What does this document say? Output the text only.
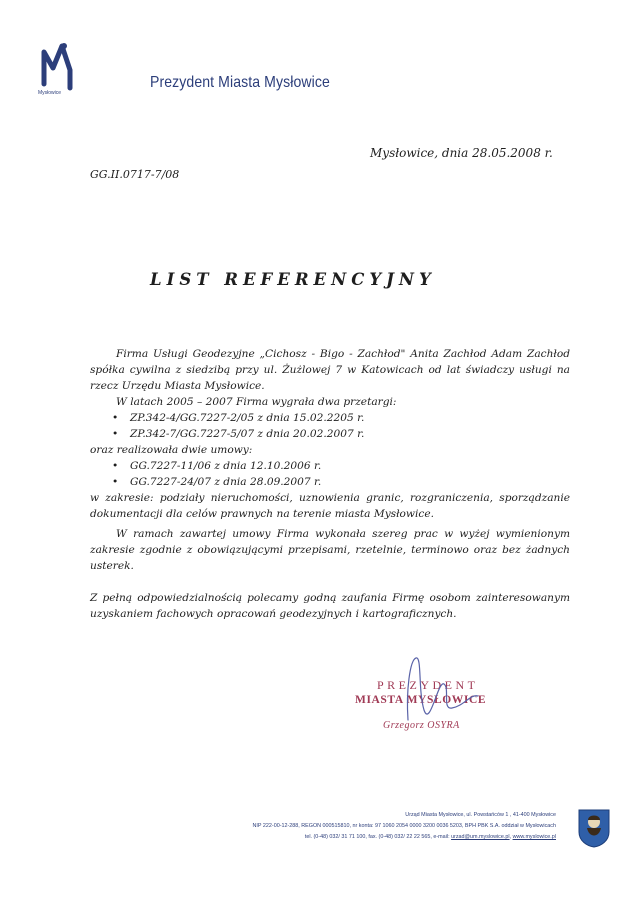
Mysłowice
Prezydent Miasta Mysłowice
Mysłowice, dnia 28.05.2008 r.
GG.II.0717-7/08
LIST REFERENCYJNY

Firma Usługi Geodezyjne „Cichosz - Bigo - Zachłod" Anita Zachłod Adam Zachłod spółka cywilna z siedzibą przy ul. Żużlowej 7 w Katowicach od lat świadczy usługi na rzecz Urzędu Miasta Mysłowice.

W latach 2005 – 2007 Firma wygrała dwa przetargi:

• ZP.342-4/GG.7227-2/05 z dnia 15.02.2205 r.
• ZP.342-7/GG.7227-5/07 z dnia 20.02.2007 r.

oraz realizowała dwie umowy:

• GG.7227-11/06 z dnia 12.10.2006 r.
• GG.7227-24/07 z dnia 28.09.2007 r.

w zakresie: podziały nieruchomości, uznowienia granic, rozgraniczenia, sporządzanie dokumentacji dla celów prawnych na terenie miasta Mysłowice.

W ramach zawartej umowy Firma wykonała szereg prac w wyżej wymienionym zakresie zgodnie z obowiązującymi przepisami, rzetelnie, terminowo oraz bez żadnych usterek.

Z pełną odpowiedzialnością polecamy godną zaufania Firmę osobom zainteresowanym uzyskaniem fachowych opracowań geodezyjnych i kartograficznych.

PREZYDENT
MIASTA MYSŁOWICE
Grzegorz OSYRA
Urząd Miasta Mysłowice, ul. Powstańców 1 , 41-400 Mysłowice
NIP 222-00-12-288, REGON 000515810, nr konta: 97 1060 2054 0000 3200 0036 5203, BPH PBK S.A. oddział w Mysłowicach
tel. (0-48) 032/ 31 71 100, fax. (0-48) 032/ 22 22 565, e-mail: urzad@um.myslowice.pl, www.myslowice.pl
